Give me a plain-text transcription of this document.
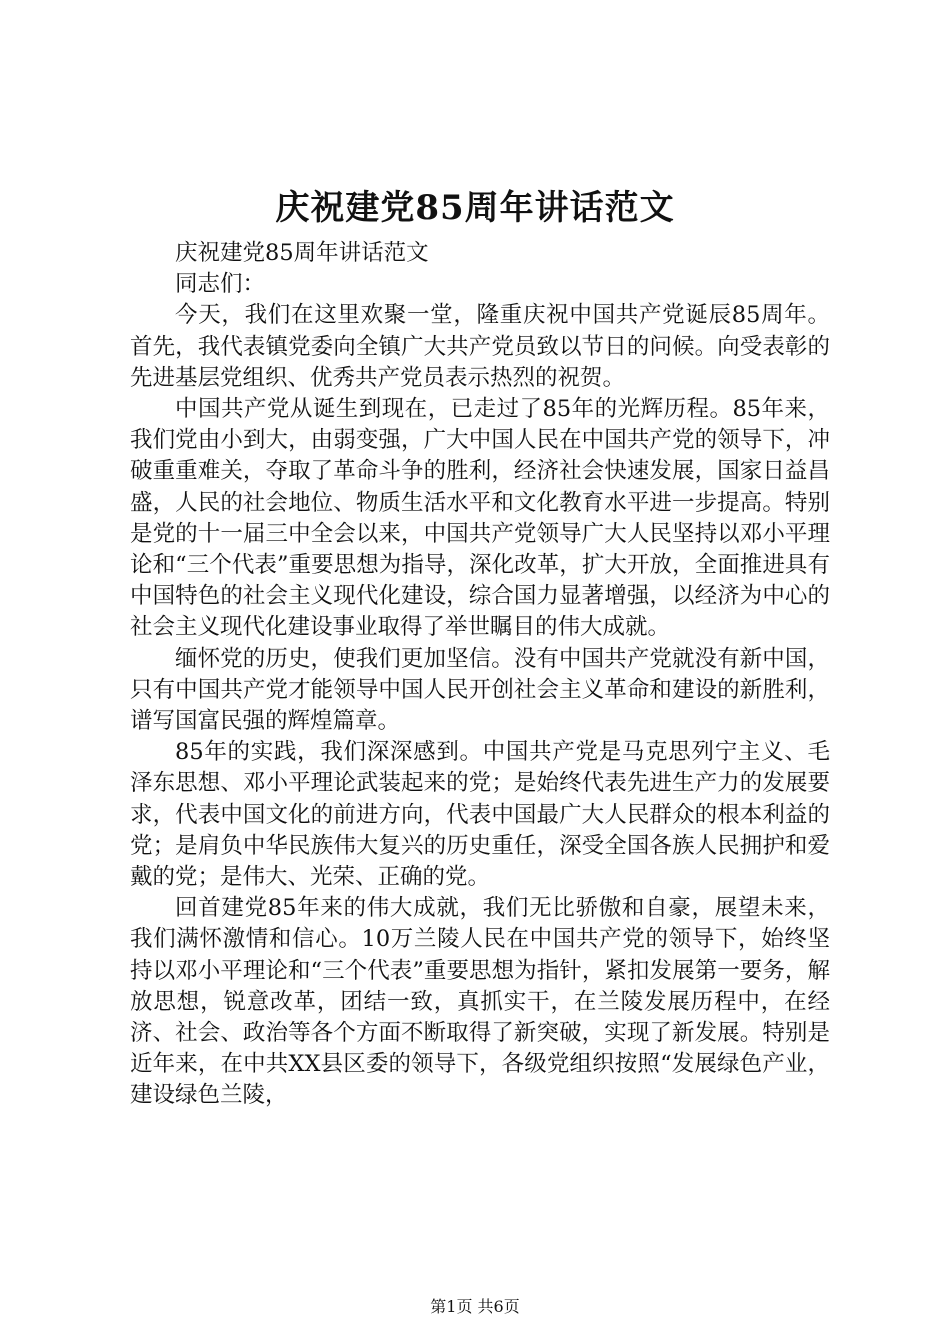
庆祝建党85周年讲话范文

庆祝建党85周年讲话范文

同志们：

今天，我们在这里欢聚一堂，隆重庆祝中国共产党诞辰85周年。首先，我代表镇党委向全镇广大共产党员致以节日的问候。向受表彰的先进基层党组织、优秀共产党员表示热烈的祝贺。

中国共产党从诞生到现在，已走过了85年的光辉历程。85年来，我们党由小到大，由弱变强，广大中国人民在中国共产党的领导下，冲破重重难关，夺取了革命斗争的胜利，经济社会快速发展，国家日益昌盛，人民的社会地位、物质生活水平和文化教育水平进一步提高。特别是党的十一届三中全会以来，中国共产党领导广大人民坚持以邓小平理论和“三个代表”重要思想为指导，深化改革，扩大开放，全面推进具有中国特色的社会主义现代化建设，综合国力显著增强，以经济为中心的社会主义现代化建设事业取得了举世瞩目的伟大成就。

缅怀党的历史，使我们更加坚信。没有中国共产党就没有新中国，只有中国共产党才能领导中国人民开创社会主义革命和建设的新胜利，谱写国富民强的辉煌篇章。

85年的实践，我们深深感到。中国共产党是马克思列宁主义、毛泽东思想、邓小平理论武装起来的党；是始终代表先进生产力的发展要求，代表中国文化的前进方向，代表中国最广大人民群众的根本利益的党；是肩负中华民族伟大复兴的历史重任，深受全国各族人民拥护和爱戴的党；是伟大、光荣、正确的党。

回首建党85年来的伟大成就，我们无比骄傲和自豪，展望未来，我们满怀激情和信心。10万兰陵人民在中国共产党的领导下，始终坚持以邓小平理论和“三个代表”重要思想为指针，紧扣发展第一要务，解放思想，锐意改革，团结一致，真抓实干，在兰陵发展历程中，在经济、社会、政治等各个方面不断取得了新突破，实现了新发展。特别是近年来，在中共XX县区委的领导下，各级党组织按照“发展绿色产业，建设绿色兰陵，

第1页 共6页
